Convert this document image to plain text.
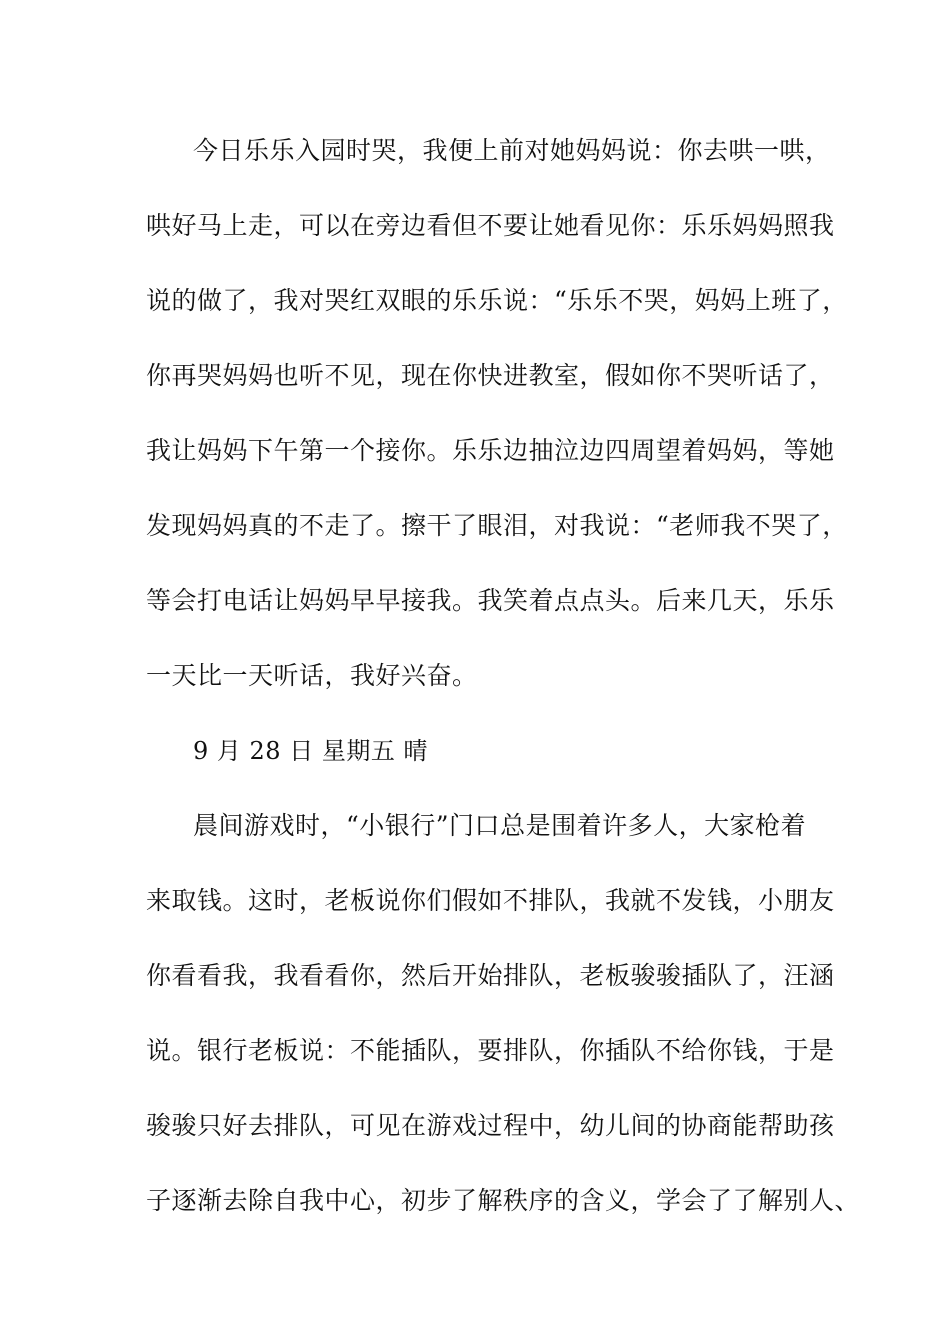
今日乐乐入园时哭，我便上前对她妈妈说：你去哄一哄，
哄好马上走，可以在旁边看但不要让她看见你：乐乐妈妈照我
说的做了，我对哭红双眼的乐乐说：“乐乐不哭，妈妈上班了，
你再哭妈妈也听不见，现在你快进教室，假如你不哭听话了，
我让妈妈下午第一个接你。乐乐边抽泣边四周望着妈妈，等她
发现妈妈真的不走了。擦干了眼泪，对我说：“老师我不哭了，
等会打电话让妈妈早早接我。我笑着点点头。后来几天，乐乐
一天比一天听话，我好兴奋。
9 月 28 日 星期五 晴
晨间游戏时，“小银行”门口总是围着许多人，大家枪着
来取钱。这时，老板说你们假如不排队，我就不发钱，小朋友
你看看我，我看看你，然后开始排队，老板骏骏插队了，汪涵
说。银行老板说：不能插队，要排队，你插队不给你钱，于是
骏骏只好去排队，可见在游戏过程中，幼儿间的协商能帮助孩
子逐渐去除自我中心，初步了解秩序的含义，学会了了解别人、
